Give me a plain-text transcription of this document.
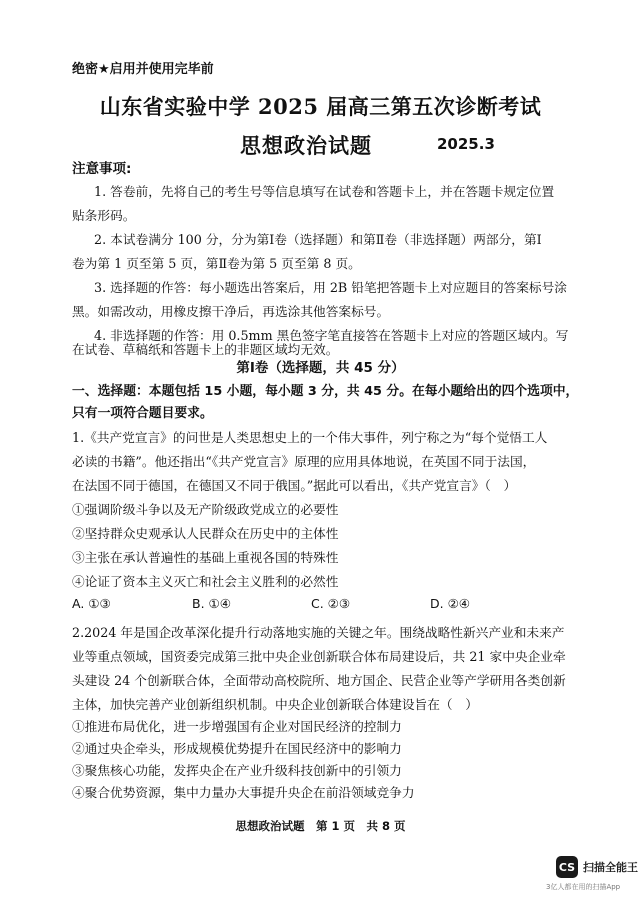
绝密★启用并使用完毕前
山东省实验中学 2025 届高三第五次诊断考试
思想政治试题	2025.3
注意事项:
1. 答卷前，先将自己的考生号等信息填写在试卷和答题卡上，并在答题卡规定位置
贴条形码。
2. 本试卷满分 100 分，分为第Ⅰ卷（选择题）和第Ⅱ卷（非选择题）两部分，第Ⅰ
卷为第 1 页至第 5 页，第Ⅱ卷为第 5 页至第 8 页。
3. 选择题的作答：每小题选出答案后，用 2B 铅笔把答题卡上对应题目的答案标号涂
黑。如需改动，用橡皮擦干净后，再选涂其他答案标号。
4. 非选择题的作答：用 0.5mm 黑色签字笔直接答在答题卡上对应的答题区域内。写
在试卷、草稿纸和答题卡上的非题区域均无效。
第Ⅰ卷（选择题，共 45 分）
一、选择题：本题包括 15 小题，每小题 3 分，共 45 分。在每小题给出的四个选项中，
只有一项符合题目要求。
1.《共产党宣言》的问世是人类思想史上的一个伟大事件，列宁称之为“每个觉悟工人
必读的书籍”。他还指出“《共产党宣言》原理的应用具体地说，在英国不同于法国，
在法国不同于德国，在德国又不同于俄国。”据此可以看出，《共产党宣言》（　）
①强调阶级斗争以及无产阶级政党成立的必要性
②坚持群众史观承认人民群众在历史中的主体性
③主张在承认普遍性的基础上重视各国的特殊性
④论证了资本主义灭亡和社会主义胜利的必然性
A. ①③	B. ①④	C. ②③	D. ②④
2.2024 年是国企改革深化提升行动落地实施的关键之年。围绕战略性新兴产业和未来产
业等重点领域，国资委完成第三批中央企业创新联合体布局建设后，共 21 家中央企业牵
头建设 24 个创新联合体，全面带动高校院所、地方国企、民营企业等产学研用各类创新
主体，加快完善产业创新组织机制。中央企业创新联合体建设旨在（　）
①推进布局优化，进一步增强国有企业对国民经济的控制力
②通过央企牵头，形成规模优势提升在国民经济中的影响力
③聚焦核心功能，发挥央企在产业升级科技创新中的引领力
④聚合优势资源，集中力量办大事提升央企在前沿领域竞争力
思想政治试题　第 1 页　共 8 页
CS 扫描全能王
3亿人都在用的扫描App
